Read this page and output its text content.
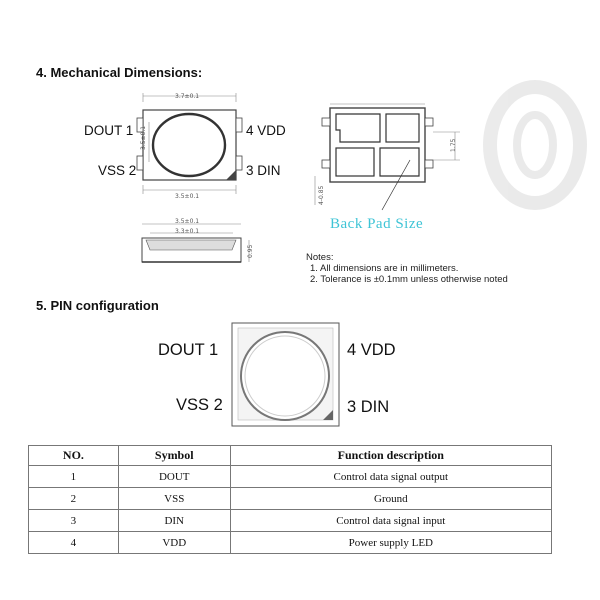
4. Mechanical Dimensions:
3.7±0.1
3.5±0.1
3.5±0.1
DOUT 1
VSS 2
4 VDD
3 DIN
3.5±0.1
3.3±0.1
0.95
1.75
4-0.85
Back Pad Size
Notes:
1. All dimensions are in millimeters.
2. Tolerance is ±0.1mm unless otherwise noted
5. PIN configuration
DOUT 1
VSS 2
4 VDD
3 DIN
NO.	Symbol	Function description
1	DOUT	Control data signal output
2	VSS	Ground
3	DIN	Control data signal input
4	VDD	Power supply LED
